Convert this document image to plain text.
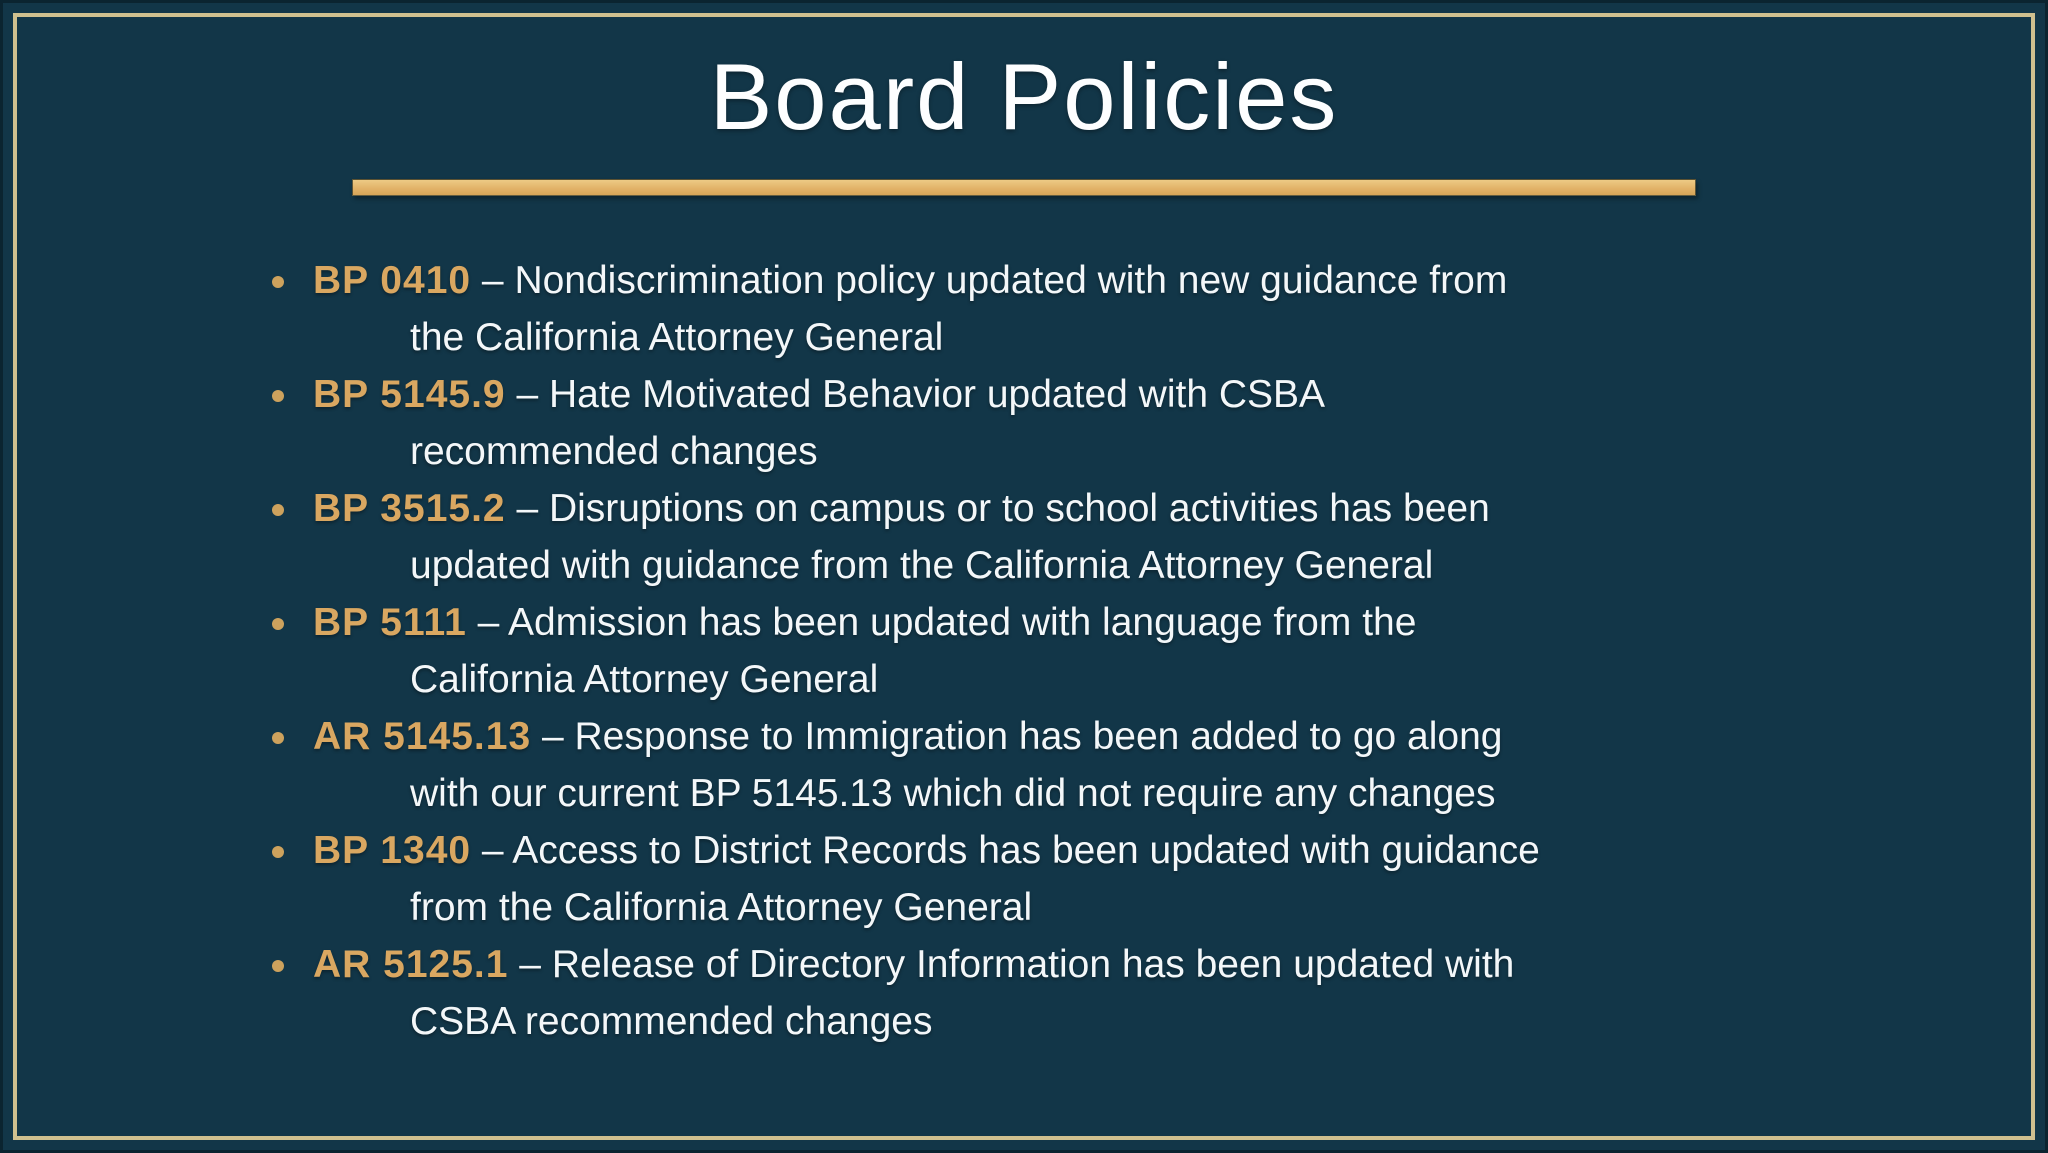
Board Policies
BP 0410 – Nondiscrimination policy updated with new guidance from
the California Attorney General
BP 5145.9 – Hate Motivated Behavior updated with CSBA
recommended changes
BP 3515.2 – Disruptions on campus or to school activities has been
updated with guidance from the California Attorney General
BP 5111 – Admission has been updated with language from the
California Attorney General
AR 5145.13 – Response to Immigration has been added to go along
with our current BP 5145.13 which did not require any changes
BP 1340 – Access to District Records has been updated with guidance
from the California Attorney General
AR 5125.1 – Release of Directory Information has been updated with
CSBA recommended changes
